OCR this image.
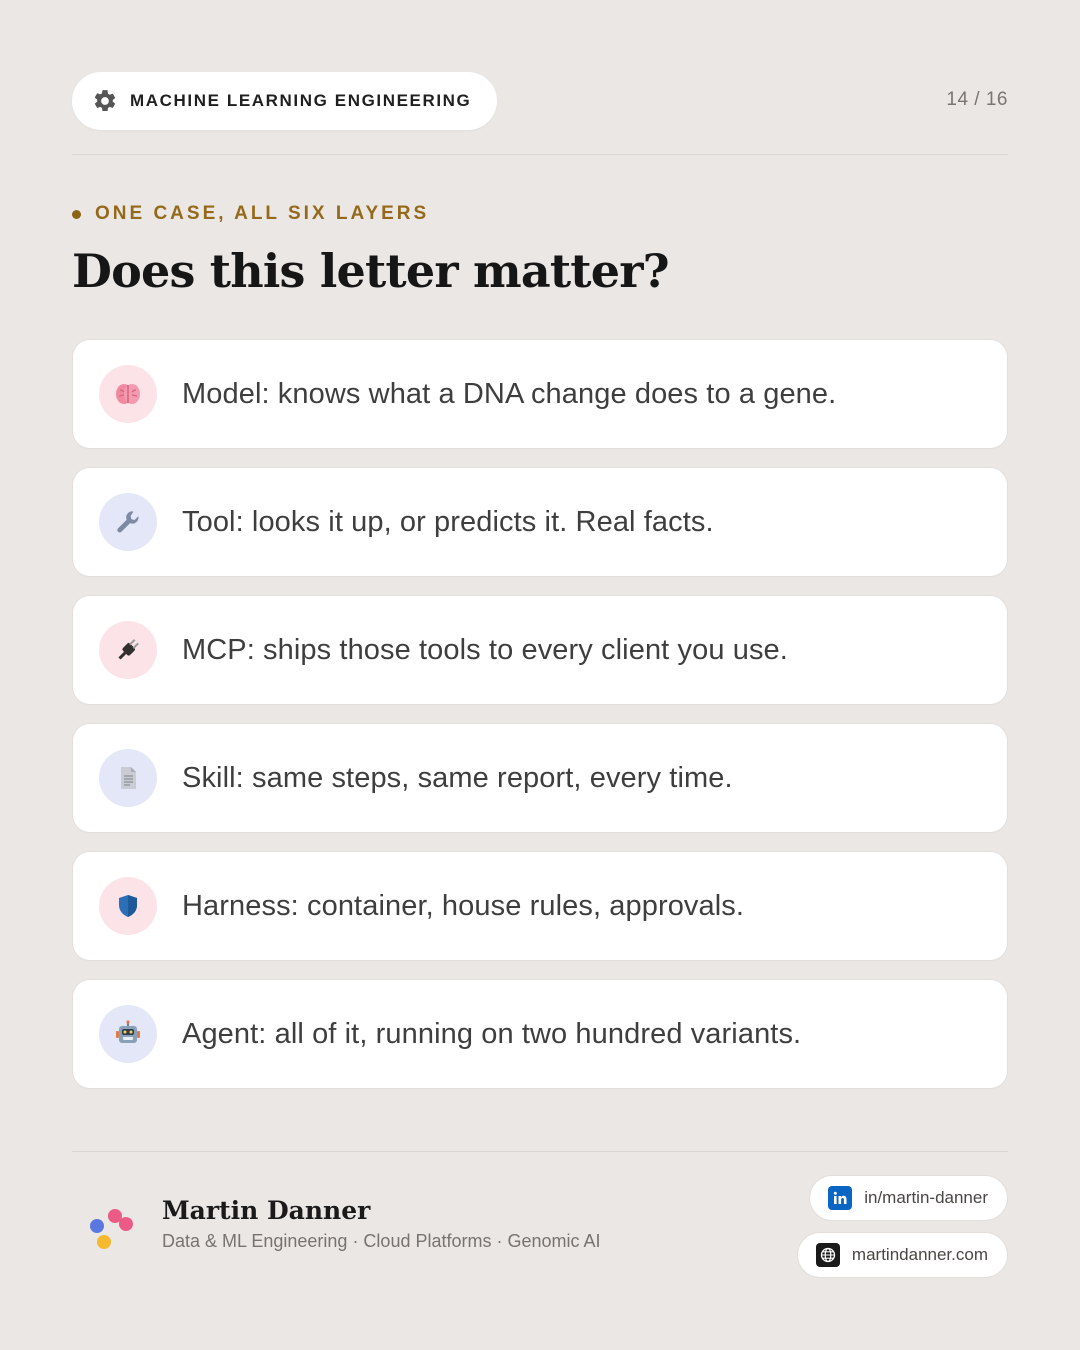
MACHINE LEARNING ENGINEERING	14 / 16
ONE CASE, ALL SIX LAYERS
Does this letter matter?
Model: knows what a DNA change does to a gene.
Tool: looks it up, or predicts it. Real facts.
MCP: ships those tools to every client you use.
Skill: same steps, same report, every time.
Harness: container, house rules, approvals.
Agent: all of it, running on two hundred variants.
Martin Danner
Data & ML Engineering · Cloud Platforms · Genomic AI
in/martin-danner
martindanner.com
